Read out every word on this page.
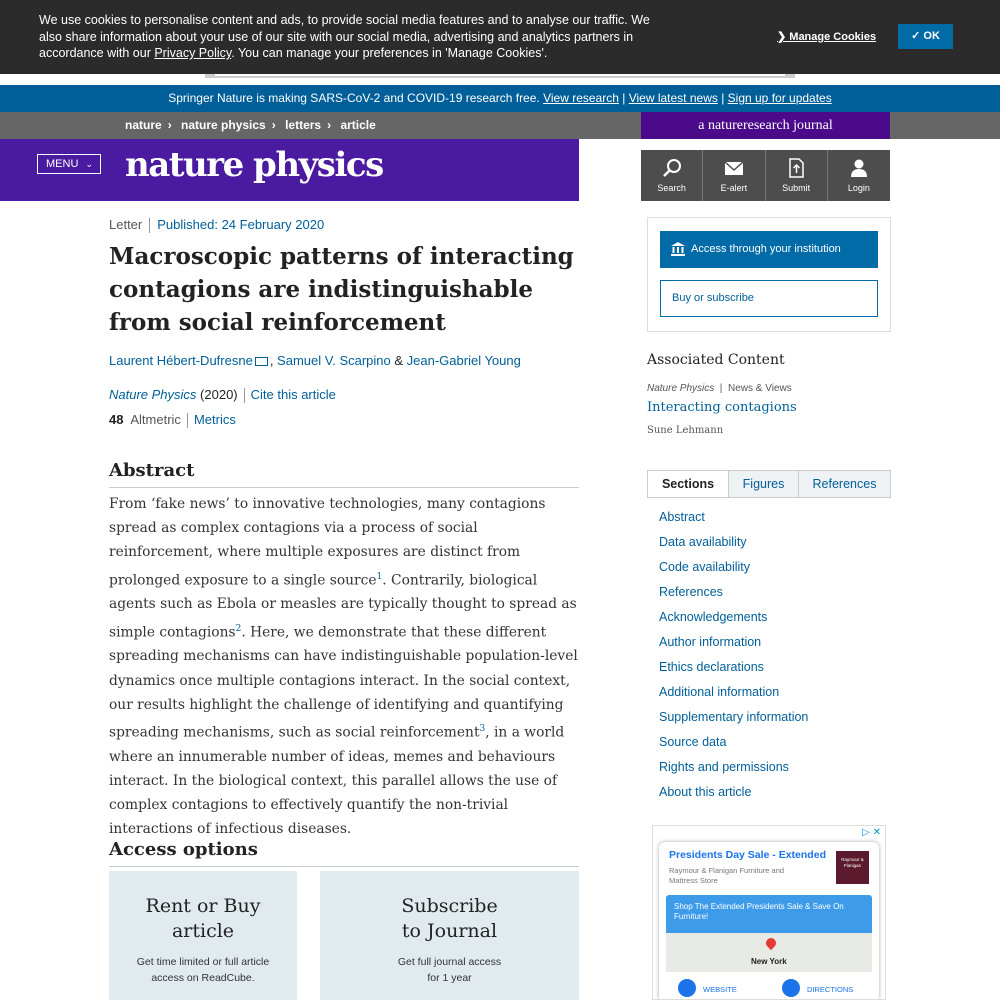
We use cookies to personalise content and ads, to provide social media features and to analyse our traffic. We also share information about your use of our site with our social media, advertising and analytics partners in accordance with our Privacy Policy. You can manage your preferences in 'Manage Cookies'.
❯ Manage Cookies	✓ OK
Springer Nature is making SARS-CoV-2 and COVID-19 research free. View research | View latest news | Sign up for updates
nature › nature physics › letters › article	a natureresearch journal
MENU ⌄ nature physics
Search	E-alert	Submit	Login
Letter Published: 24 February 2020
Macroscopic patterns of interacting contagions are indistinguishable from social reinforcement
Laurent Hébert-Dufresne , Samuel V. Scarpino & Jean-Gabriel Young
Nature Physics (2020) Cite this article
48 Altmetric Metrics
Abstract

From ‘fake news’ to innovative technologies, many contagions spread as complex contagions via a process of social reinforcement, where multiple exposures are distinct from prolonged exposure to a single source$^1$. Contrarily, biological agents such as Ebola or measles are typically thought to spread as simple contagions$^2$. Here, we demonstrate that these different spreading mechanisms can have indistinguishable population-level dynamics once multiple contagions interact. In the social context, our results highlight the challenge of identifying and quantifying spreading mechanisms, such as social reinforcement$^3$, in a world where an innumerable number of ideas, memes and behaviours interact. In the biological context, this parallel allows the use of complex contagions to effectively quantify the non-trivial interactions of infectious diseases.

Access options
Rent or Buy article
Get time limited or full article access on ReadCube.
Subscribe to Journal
Get full journal access for 1 year
Access through your institution
Buy or subscribe
Associated Content
Nature Physics  |  News & Views
Interacting contagions
Sune Lehmann
Sections	Figures	References
Abstract
Data availability
Code availability
References
Acknowledgements
Author information
Ethics declarations
Additional information
Supplementary information
Source data
Rights and permissions
About this article
▷ ✕
Presidents Day Sale - Extended
Raymour & Flanigan Furniture and Mattress Store
Raymour & Flanigan
Shop The Extended Presidents Sale & Save On Furniture!
New York
WEBSITE	DIRECTIONS
